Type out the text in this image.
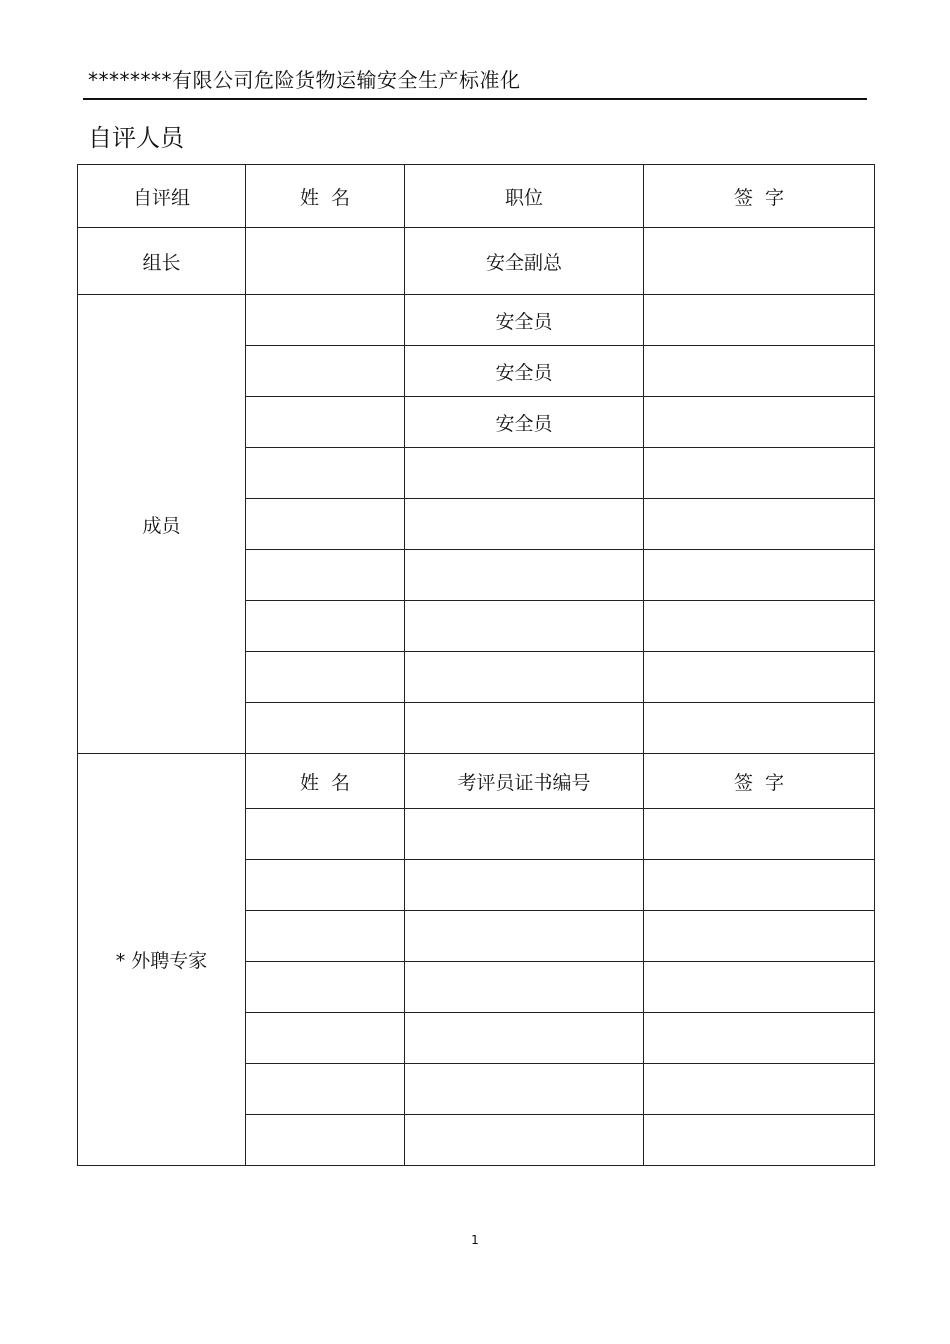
********有限公司危险货物运输安全生产标准化
自评人员
自评组	姓  名	职位	签  字
组长		安全副总	
成员		安全员	
		安全员	
		安全员	

* 外聘专家	姓  名	考评员证书编号	签  字

1
